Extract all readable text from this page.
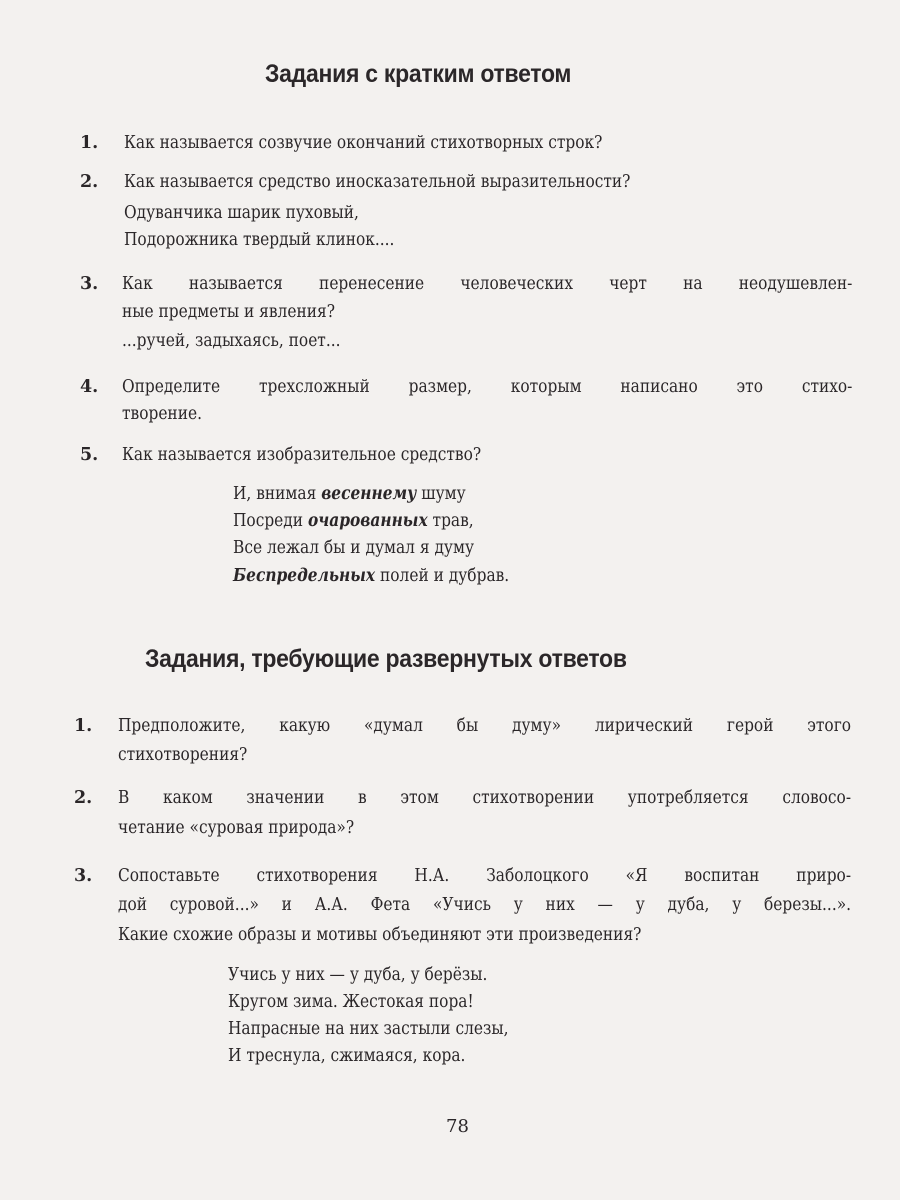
Задания с кратким ответом
1. Как называется созвучие окончаний стихотворных строк?
2. Как называется средство иносказательной выразительности?
Одуванчика шарик пуховый,
Подорожника твердый клинок....
3. Как называется перенесение человеческих черт на неодушевлен-
ные предметы и явления?
...ручей, задыхаясь, поет...
4. Определите трехсложный размер, которым написано это стихо-
творение.
5. Как называется изобразительное средство?
И, внимая весеннему шуму
Посреди очарованных трав,
Все лежал бы и думал я думу
Беспредельных полей и дубрав.
Задания, требующие развернутых ответов
1. Предположите, какую «думал бы думу» лирический герой этого
стихотворения?
2. В каком значении в этом стихотворении употребляется словосо-
четание «суровая природа»?
3. Сопоставьте стихотворения Н.А. Заболоцкого «Я воспитан приро-
дой суровой...» и А.А. Фета «Учись у них — у дуба, у березы...».
Какие схожие образы и мотивы объединяют эти произведения?
Учись у них — у дуба, у берёзы.
Кругом зима. Жестокая пора!
Напрасные на них застыли слезы,
И треснула, сжимаяся, кора.
78
